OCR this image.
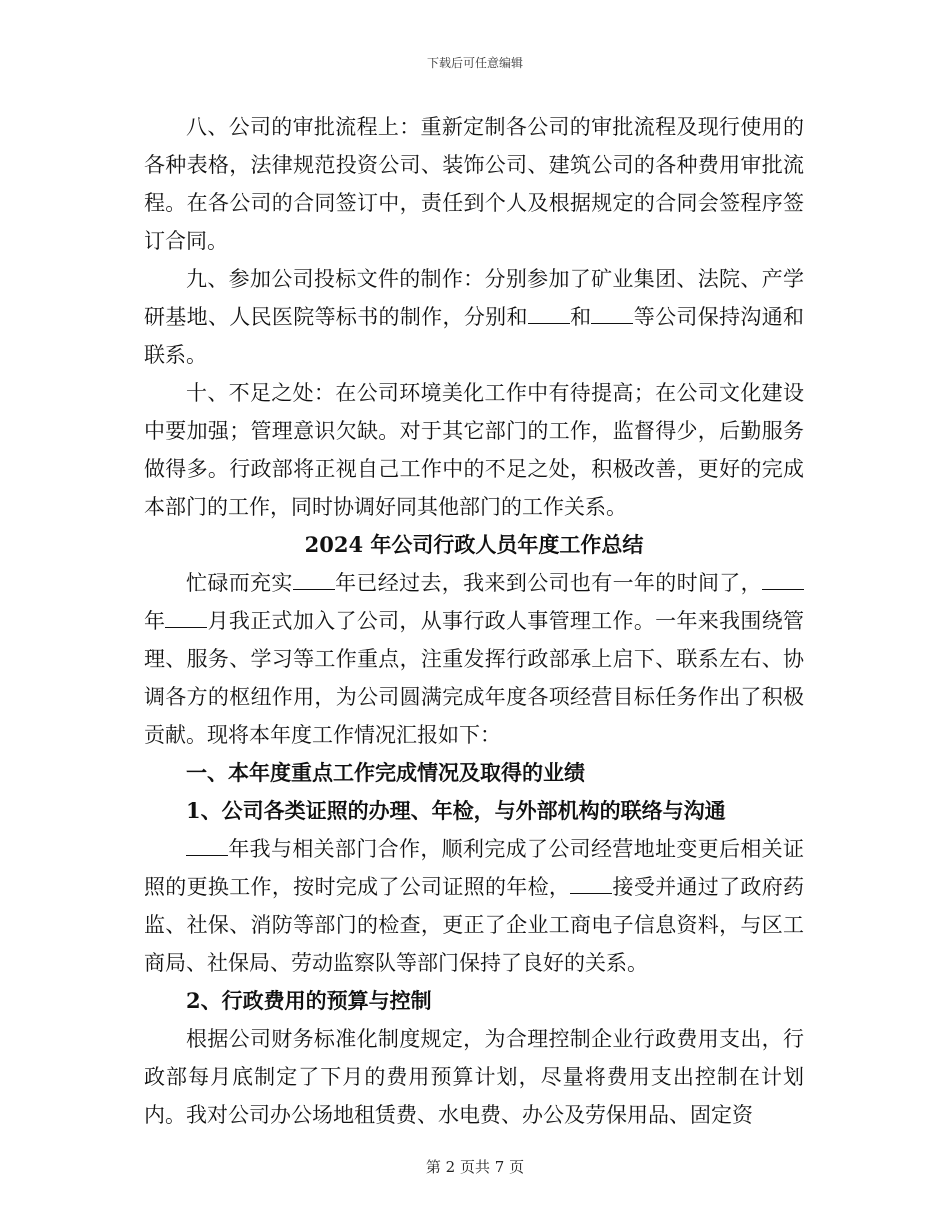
下载后可任意编辑

八、公司的审批流程上：重新定制各公司的审批流程及现行使用的各种表格，法律规范投资公司、装饰公司、建筑公司的各种费用审批流程。在各公司的合同签订中，责任到个人及根据规定的合同会签程序签订合同。

九、参加公司投标文件的制作：分别参加了矿业集团、法院、产学研基地、人民医院等标书的制作，分别和 和 等公司保持沟通和联系。

十、不足之处：在公司环境美化工作中有待提高；在公司文化建设中要加强；管理意识欠缺。对于其它部门的工作，监督得少，后勤服务做得多。行政部将正视自己工作中的不足之处，积极改善，更好的完成本部门的工作，同时协调好同其他部门的工作关系。

2024 年公司行政人员年度工作总结

忙碌而充实 年已经过去，我来到公司也有一年的时间了，年 月我正式加入了公司，从事行政人事管理工作。一年来我围绕管理、服务、学习等工作重点，注重发挥行政部承上启下、联系左右、协调各方的枢纽作用，为公司圆满完成年度各项经营目标任务作出了积极贡献。现将本年度工作情况汇报如下：

一、本年度重点工作完成情况及取得的业绩

1、公司各类证照的办理、年检，与外部机构的联络与沟通

年我与相关部门合作，顺利完成了公司经营地址变更后相关证照的更换工作，按时完成了公司证照的年检， 接受并通过了政府药监、社保、消防等部门的检查，更正了企业工商电子信息资料，与区工商局、社保局、劳动监察队等部门保持了良好的关系。

2、行政费用的预算与控制

根据公司财务标准化制度规定，为合理控制企业行政费用支出，行政部每月底制定了下月的费用预算计划，尽量将费用支出控制在计划内。我对公司办公场地租赁费、水电费、办公及劳保用品、固定资

第 2 页共 7 页
